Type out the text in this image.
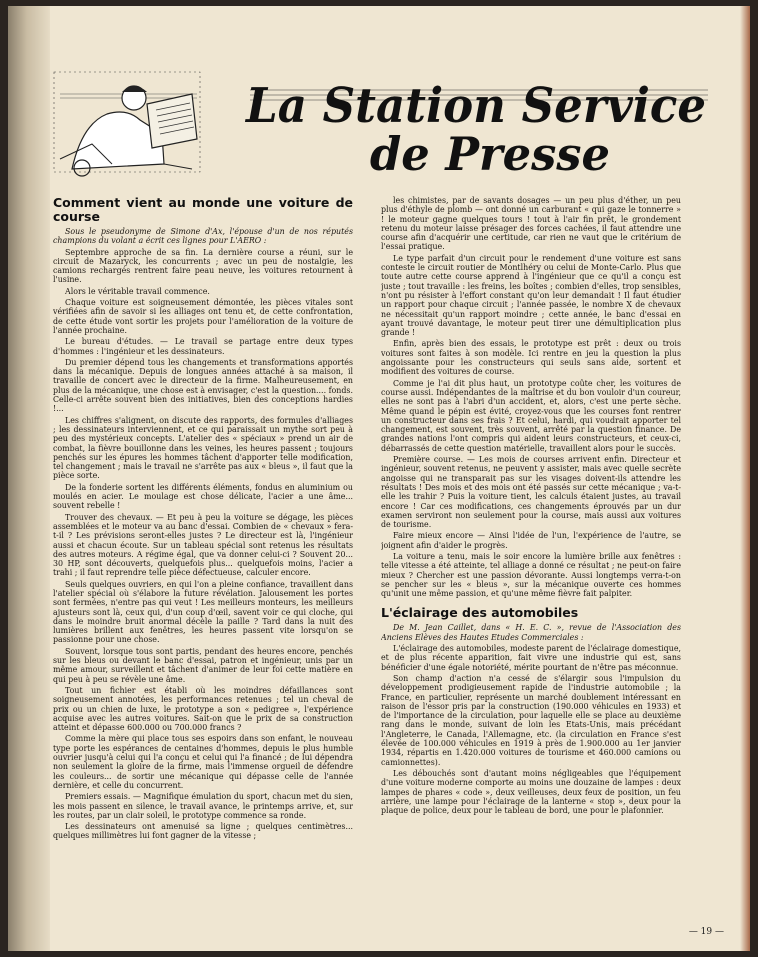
La Station Service
de Presse
Comment vient au monde une voiture de course

Sous le pseudonyme de Simone d'Ax, l'épouse d'un de nos réputés champions du volant a écrit ces lignes pour L'AERO :

Septembre approche de sa fin. La dernière course a réuni, sur le circuit de Mazaryck, les concurrents ; avec un peu de nostalgie, les camions rechargés rentrent faire peau neuve, les voitures retournent à l'usine.

Alors le véritable travail commence.

Chaque voiture est soigneusement démontée, les pièces vitales sont vérifiées afin de savoir si les alliages ont tenu et, de cette confrontation, de cette étude vont sortir les projets pour l'amélioration de la voiture de l'année prochaine.

Le bureau d'études. — Le travail se partage entre deux types d'hommes : l'ingénieur et les dessinateurs.

Du premier dépend tous les changements et transformations apportés dans la mécanique. Depuis de longues années attaché à sa maison, il travaille de concert avec le directeur de la firme. Malheureusement, en plus de la mécanique, une chose est à envisager, c'est la question.... fonds. Celle-ci arrête souvent bien des initiatives, bien des conceptions hardies !...

Les chiffres s'alignent, on discute des rapports, des formules d'alliages ; les dessinateurs interviennent, et ce qui paraissait un mythe sort peu à peu des mystérieux concepts. L'atelier des « spéciaux » prend un air de combat, la fièvre bouillonne dans les veines, les heures passent ; toujours penchés sur les épures les hommes tâchent d'apporter telle modification, tel changement ; mais le travail ne s'arrête pas aux « bleus », il faut que la pièce sorte.

De la fonderie sortent les différents éléments, fondus en aluminium ou moulés en acier. Le moulage est chose délicate, l'acier a une âme... souvent rebelle !

Trouver des chevaux. — Et peu à peu la voiture se dégage, les pièces assemblées et le moteur va au banc d'essai. Combien de « chevaux » fera-t-il ? Les prévisions seront-elles justes ? Le directeur est là, l'ingénieur aussi et chacun écoute. Sur un tableau spécial sont retenus les résultats des autres moteurs. A régime égal, que va donner celui-ci ? Souvent 20... 30 HP, sont découverts, quelquefois plus... quelquefois moins, l'acier a trahi ; il faut reprendre telle pièce défectueuse, calculer encore.

Seuls quelques ouvriers, en qui l'on a pleine confiance, travaillent dans l'atelier spécial où s'élabore la future révélation. Jalousement les portes sont fermées, n'entre pas qui veut ! Les meilleurs monteurs, les meilleurs ajusteurs sont là, ceux qui, d'un coup d'œil, savent voir ce qui cloche, qui dans le moindre bruit anormal décèle la paille ? Tard dans la nuit des lumières brillent aux fenêtres, les heures passent vite lorsqu'on se passionne pour une chose.

Souvent, lorsque tous sont partis, pendant des heures encore, penchés sur les bleus ou devant le banc d'essai, patron et ingénieur, unis par un même amour, surveillent et tâchent d'animer de leur foi cette matière en qui peu à peu se révèle une âme.

Tout un fichier est établi où les moindres défaillances sont soigneusement annotées, les performances retenues ; tel un cheval de prix ou un chien de luxe, le prototype a son « pedigree », l'expérience acquise avec les autres voitures. Sait-on que le prix de sa construction atteint et dépasse 600.000 ou 700.000 francs ?

Comme la mère qui place tous ses espoirs dans son enfant, le nouveau type porte les espérances de centaines d'hommes, depuis le plus humble ouvrier jusqu'à celui qui l'a conçu et celui qui l'a financé ; de lui dépendra non seulement la gloire de la firme, mais l'immense orgueil de défendre les couleurs... de sortir une mécanique qui dépasse celle de l'année dernière, et celle du concurrent.

Premiers essais. — Magnifique émulation du sport, chacun met du sien, les mois passent en silence, le travail avance, le printemps arrive, et, sur les routes, par un clair soleil, le prototype commence sa ronde.

Les dessinateurs ont amenuisé sa ligne ; quelques centimètres... quelques millimètres lui font gagner de la vitesse ;

les chimistes, par de savants dosages — un peu plus d'éther, un peu plus d'éthyle de plomb — ont donné un carburant « qui gaze le tonnerre » ! le moteur gagne quelques tours ! tout à l'air fin prêt, le grondement retenu du moteur laisse présager des forces cachées, il faut attendre une course afin d'acquérir une certitude, car rien ne vaut que le critérium de l'essai pratique.

Le type parfait d'un circuit pour le rendement d'une voiture est sans conteste le circuit routier de Montlhéry ou celui de Monte-Carlo. Plus que toute autre cette course apprend à l'ingénieur que ce qu'il a conçu est juste ; tout travaille : les freins, les boîtes ; combien d'elles, trop sensibles, n'ont pu résister à l'effort constant qu'on leur demandait ! Il faut étudier un rapport pour chaque circuit ; l'année passée, le nombre X de chevaux ne nécessitait qu'un rapport moindre ; cette année, le banc d'essai en ayant trouvé davantage, le moteur peut tirer une démultiplication plus grande !

Enfin, après bien des essais, le prototype est prêt : deux ou trois voitures sont faites à son modèle. Ici rentre en jeu la question la plus angoissante pour les constructeurs qui seuls sans aide, sortent et modifient des voitures de course.

Comme je l'ai dit plus haut, un prototype coûte cher, les voitures de course aussi. Indépendantes de la maîtrise et du bon vouloir d'un coureur, elles ne sont pas à l'abri d'un accident, et, alors, c'est une perte sèche. Même quand le pépin est évité, croyez-vous que les courses font rentrer un constructeur dans ses frais ? Et celui, hardi, qui voudrait apporter tel changement, est souvent, très souvent, arrêté par la question finance. De grandes nations l'ont compris qui aident leurs constructeurs, et ceux-ci, débarrassés de cette question matérielle, travaillent alors pour le succès.

Première course. — Les mois de courses arrivent enfin. Directeur et ingénieur, souvent retenus, ne peuvent y assister, mais avec quelle secrète angoisse qui ne transparait pas sur les visages doivent-ils attendre les résultats ! Des mois et des mois ont été passés sur cette mécanique ; va-t-elle les trahir ? Puis la voiture tient, les calculs étaient justes, au travail encore ! Car ces modifications, ces changements éprouvés par un dur examen serviront non seulement pour la course, mais aussi aux voitures de tourisme.

Faire mieux encore — Ainsi l'idée de l'un, l'expérience de l'autre, se joignent afin d'aider le progrès.

La voiture a tenu, mais le soir encore la lumière brille aux fenêtres : telle vitesse a été atteinte, tel alliage a donné ce résultat ; ne peut-on faire mieux ? Chercher est une passion dévorante. Aussi longtemps verra-t-on se pencher sur les « bleus », sur la mécanique ouverte ces hommes qu'unit une même passion, et qu'une même fièvre fait palpiter.

L'éclairage des automobiles

De M. Jean Caillet, dans « H. E. C. », revue de l'Association des Anciens Elèves des Hautes Etudes Commerciales :

L'éclairage des automobiles, modeste parent de l'éclairage domestique, et de plus récente apparition, fait vivre une industrie qui est, sans bénéficier d'une égale notoriété, mérite pourtant de n'être pas méconnue.

Son champ d'action n'a cessé de s'élargir sous l'impulsion du développement prodigieusement rapide de l'industrie automobile ; la France, en particulier, représente un marché doublement intéressant en raison de l'essor pris par la construction (190.000 véhicules en 1933) et de l'importance de la circulation, pour laquelle elle se place au deuxième rang dans le monde, suivant de loin les Etats-Unis, mais précédant l'Angleterre, le Canada, l'Allemagne, etc. (la circulation en France s'est élevée de 100.000 véhicules en 1919 à près de 1.900.000 au 1er janvier 1934, répartis en 1.420.000 voitures de tourisme et 460.000 camions ou camionnettes).

Les débouchés sont d'autant moins négligeables que l'équipement d'une voiture moderne comporte au moins une douzaine de lampes : deux lampes de phares « code », deux veilleuses, deux feux de position, un feu arrière, une lampe pour l'éclairage de la lanterne « stop », deux pour la plaque de police, deux pour le tableau de bord, une pour le plafonnier.

— 19 —
